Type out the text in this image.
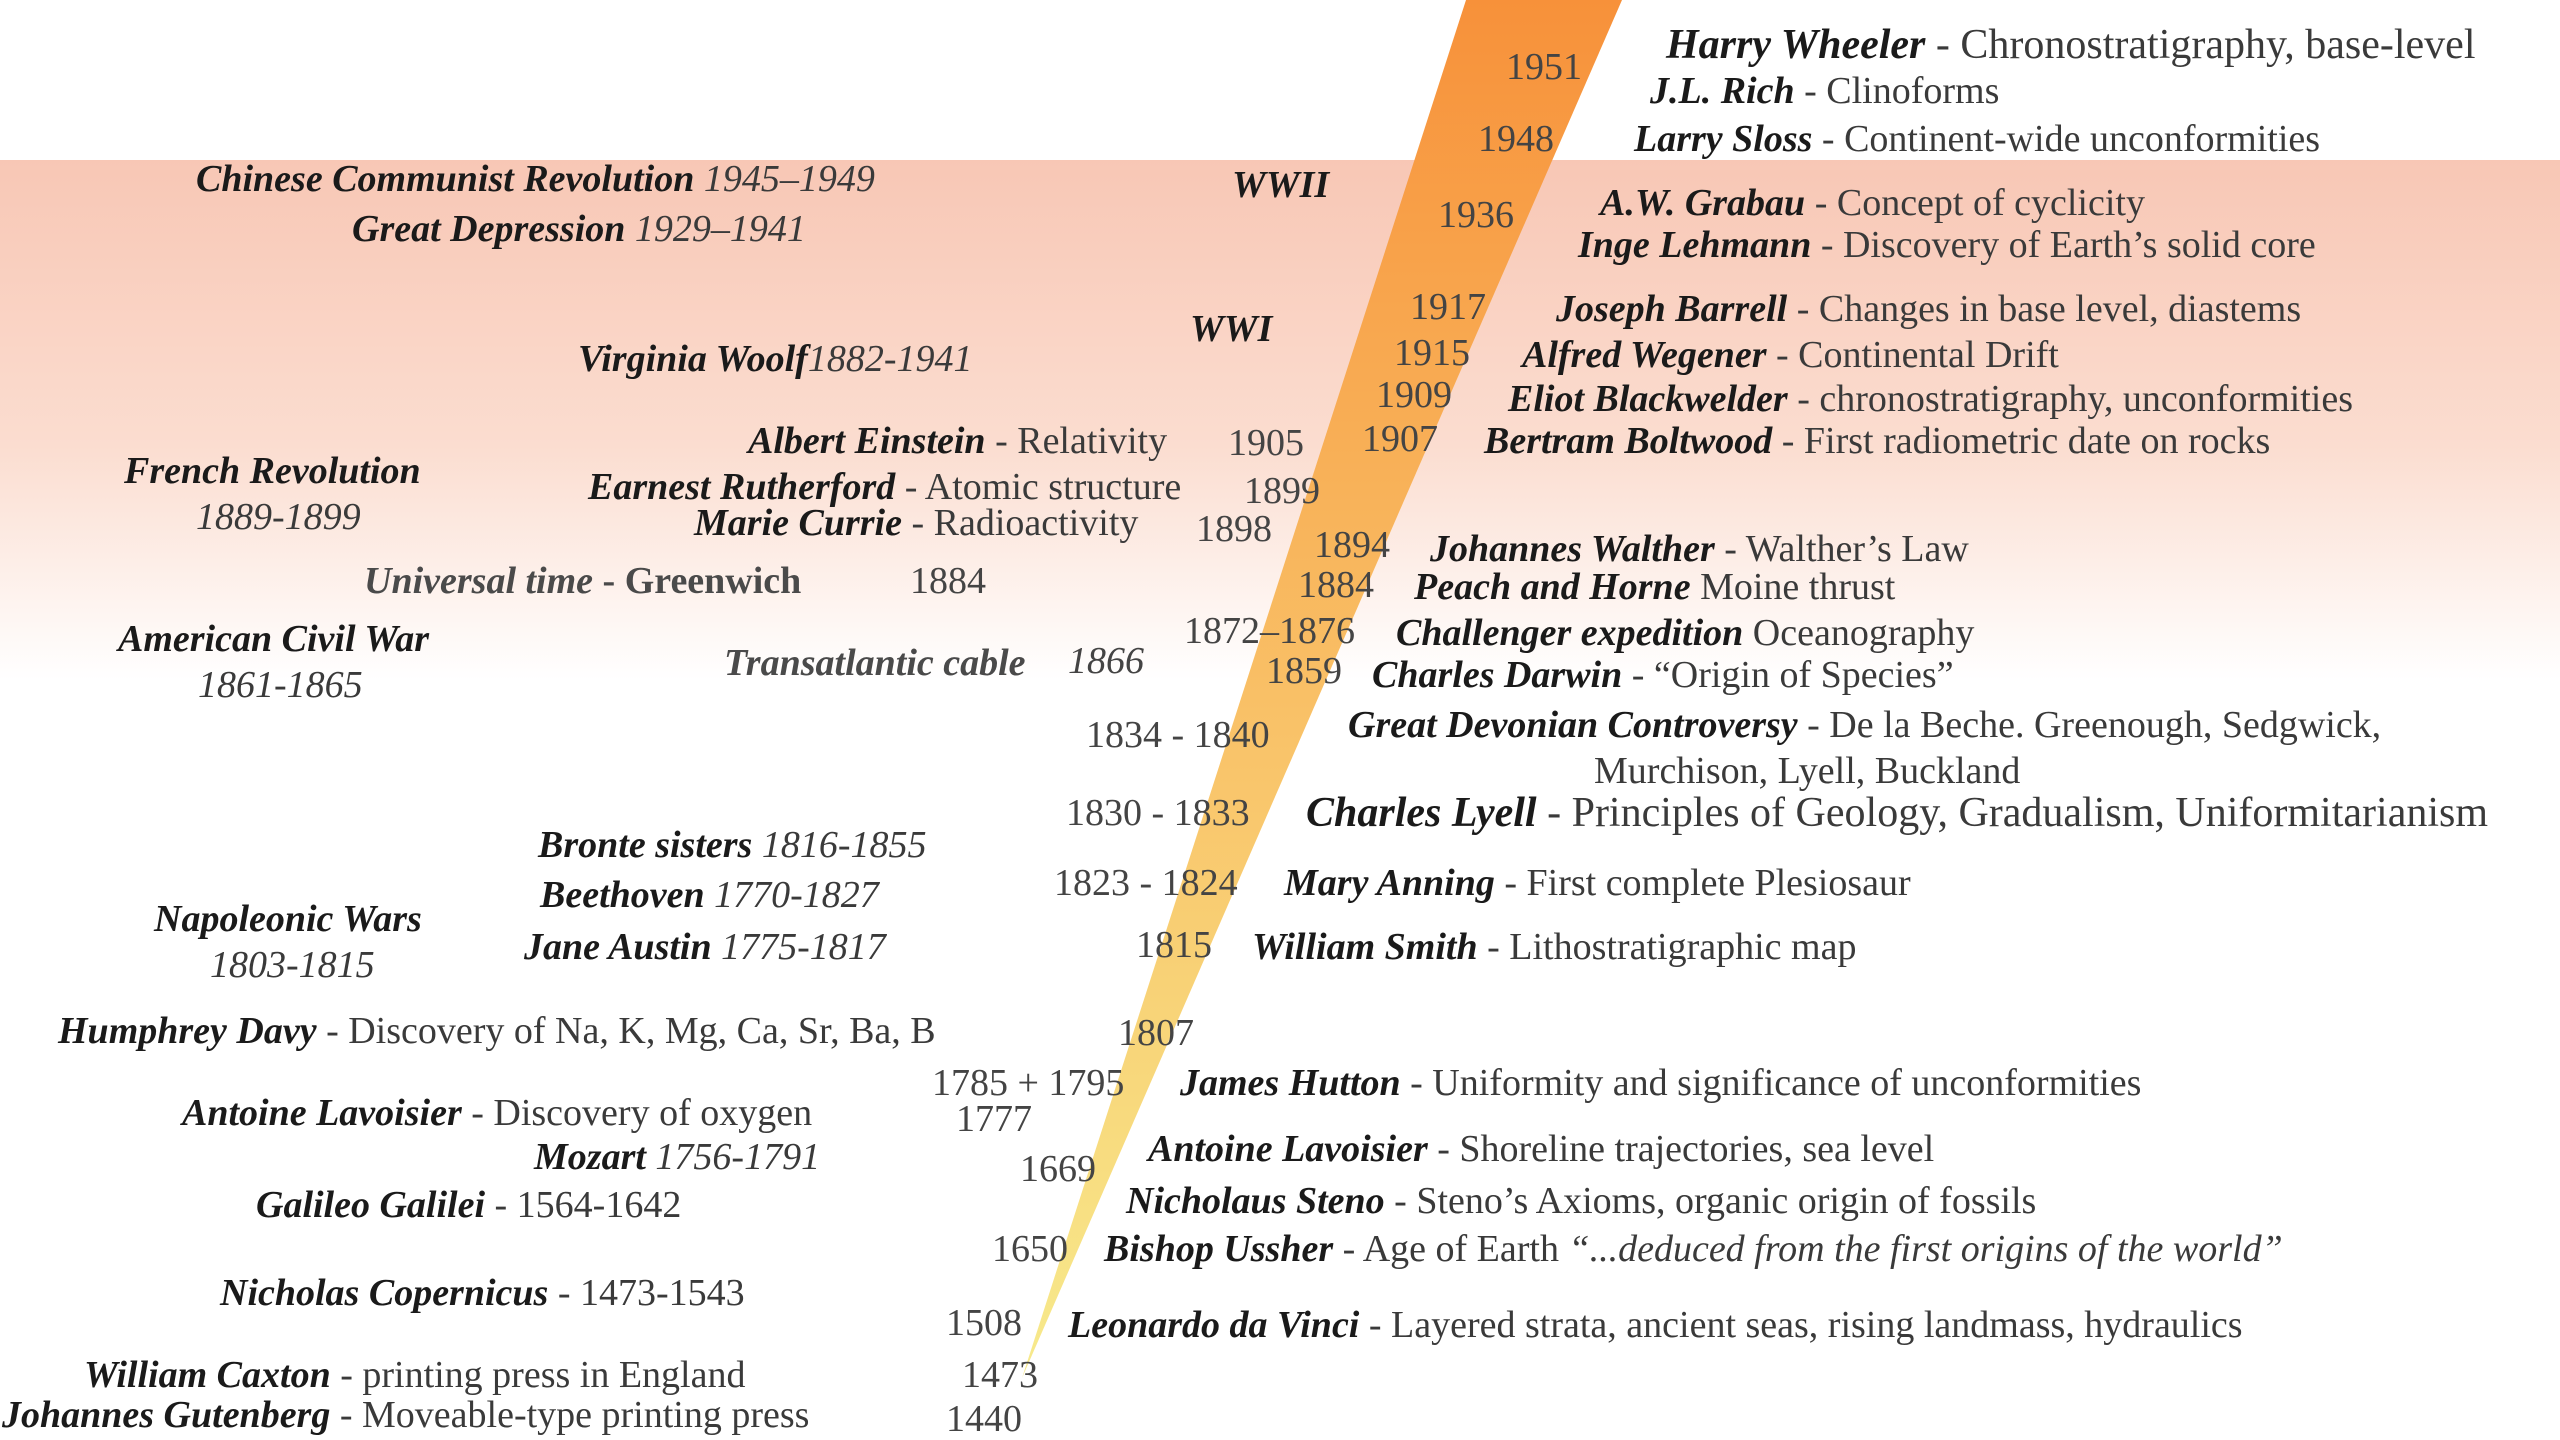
1951
1948
1936
1917
1915
1909
1907
1894
1884
1872–1876
1859
1834 - 1840
1830 - 1833
1823 - 1824
1815
1807
1785 + 1795
1777
1669
1650
1508
1473
1440
Harry Wheeler - Chronostratigraphy, base-level
J.L. Rich - Clinoforms
Larry Sloss - Continent-wide unconformities
A.W. Grabau - Concept of cyclicity
Inge Lehmann - Discovery of Earth’s solid core
Joseph Barrell - Changes in base level, diastems
Alfred Wegener - Continental Drift
Eliot Blackwelder - chronostratigraphy, unconformities
Bertram Boltwood - First radiometric date on rocks
Johannes Walther - Walther’s Law
Peach and Horne Moine thrust
Challenger expedition Oceanography
Charles Darwin - “Origin of Species”
Great Devonian Controversy - De la Beche. Greenough, Sedgwick,
Murchison, Lyell, Buckland
Charles Lyell - Principles of Geology, Gradualism, Uniformitarianism
Mary Anning - First complete Plesiosaur
William Smith - Lithostratigraphic map
James Hutton - Uniformity and significance of unconformities
Antoine Lavoisier - Shoreline trajectories, sea level
Nicholaus Steno - Steno’s Axioms, organic origin of fossils
Bishop Ussher - Age of Earth “...deduced from the first origins of the world”
Leonardo da Vinci - Layered strata, ancient seas, rising landmass, hydraulics
WWII
WWI
Chinese Communist Revolution 1945–1949
Great Depression 1929–1941
Virginia Woolf1882-1941
French Revolution
1889-1899
American Civil War
1861-1865
Napoleonic Wars
1803-1815
Bronte sisters 1816-1855
Beethoven 1770-1827
Jane Austin 1775-1817
Mozart 1756-1791
Albert Einstein - Relativity 1905
Earnest Rutherford - Atomic structure 1899
Marie Currie - Radioactivity 1898
Universal time - Greenwich	1884
Transatlantic cable 1866
Humphrey Davy - Discovery of Na, K, Mg, Ca, Sr, Ba, B
Antoine Lavoisier - Discovery of oxygen
Galileo Galilei - 1564-1642
Nicholas Copernicus - 1473-1543
William Caxton - printing press in England
Johannes Gutenberg - Moveable-type printing press
